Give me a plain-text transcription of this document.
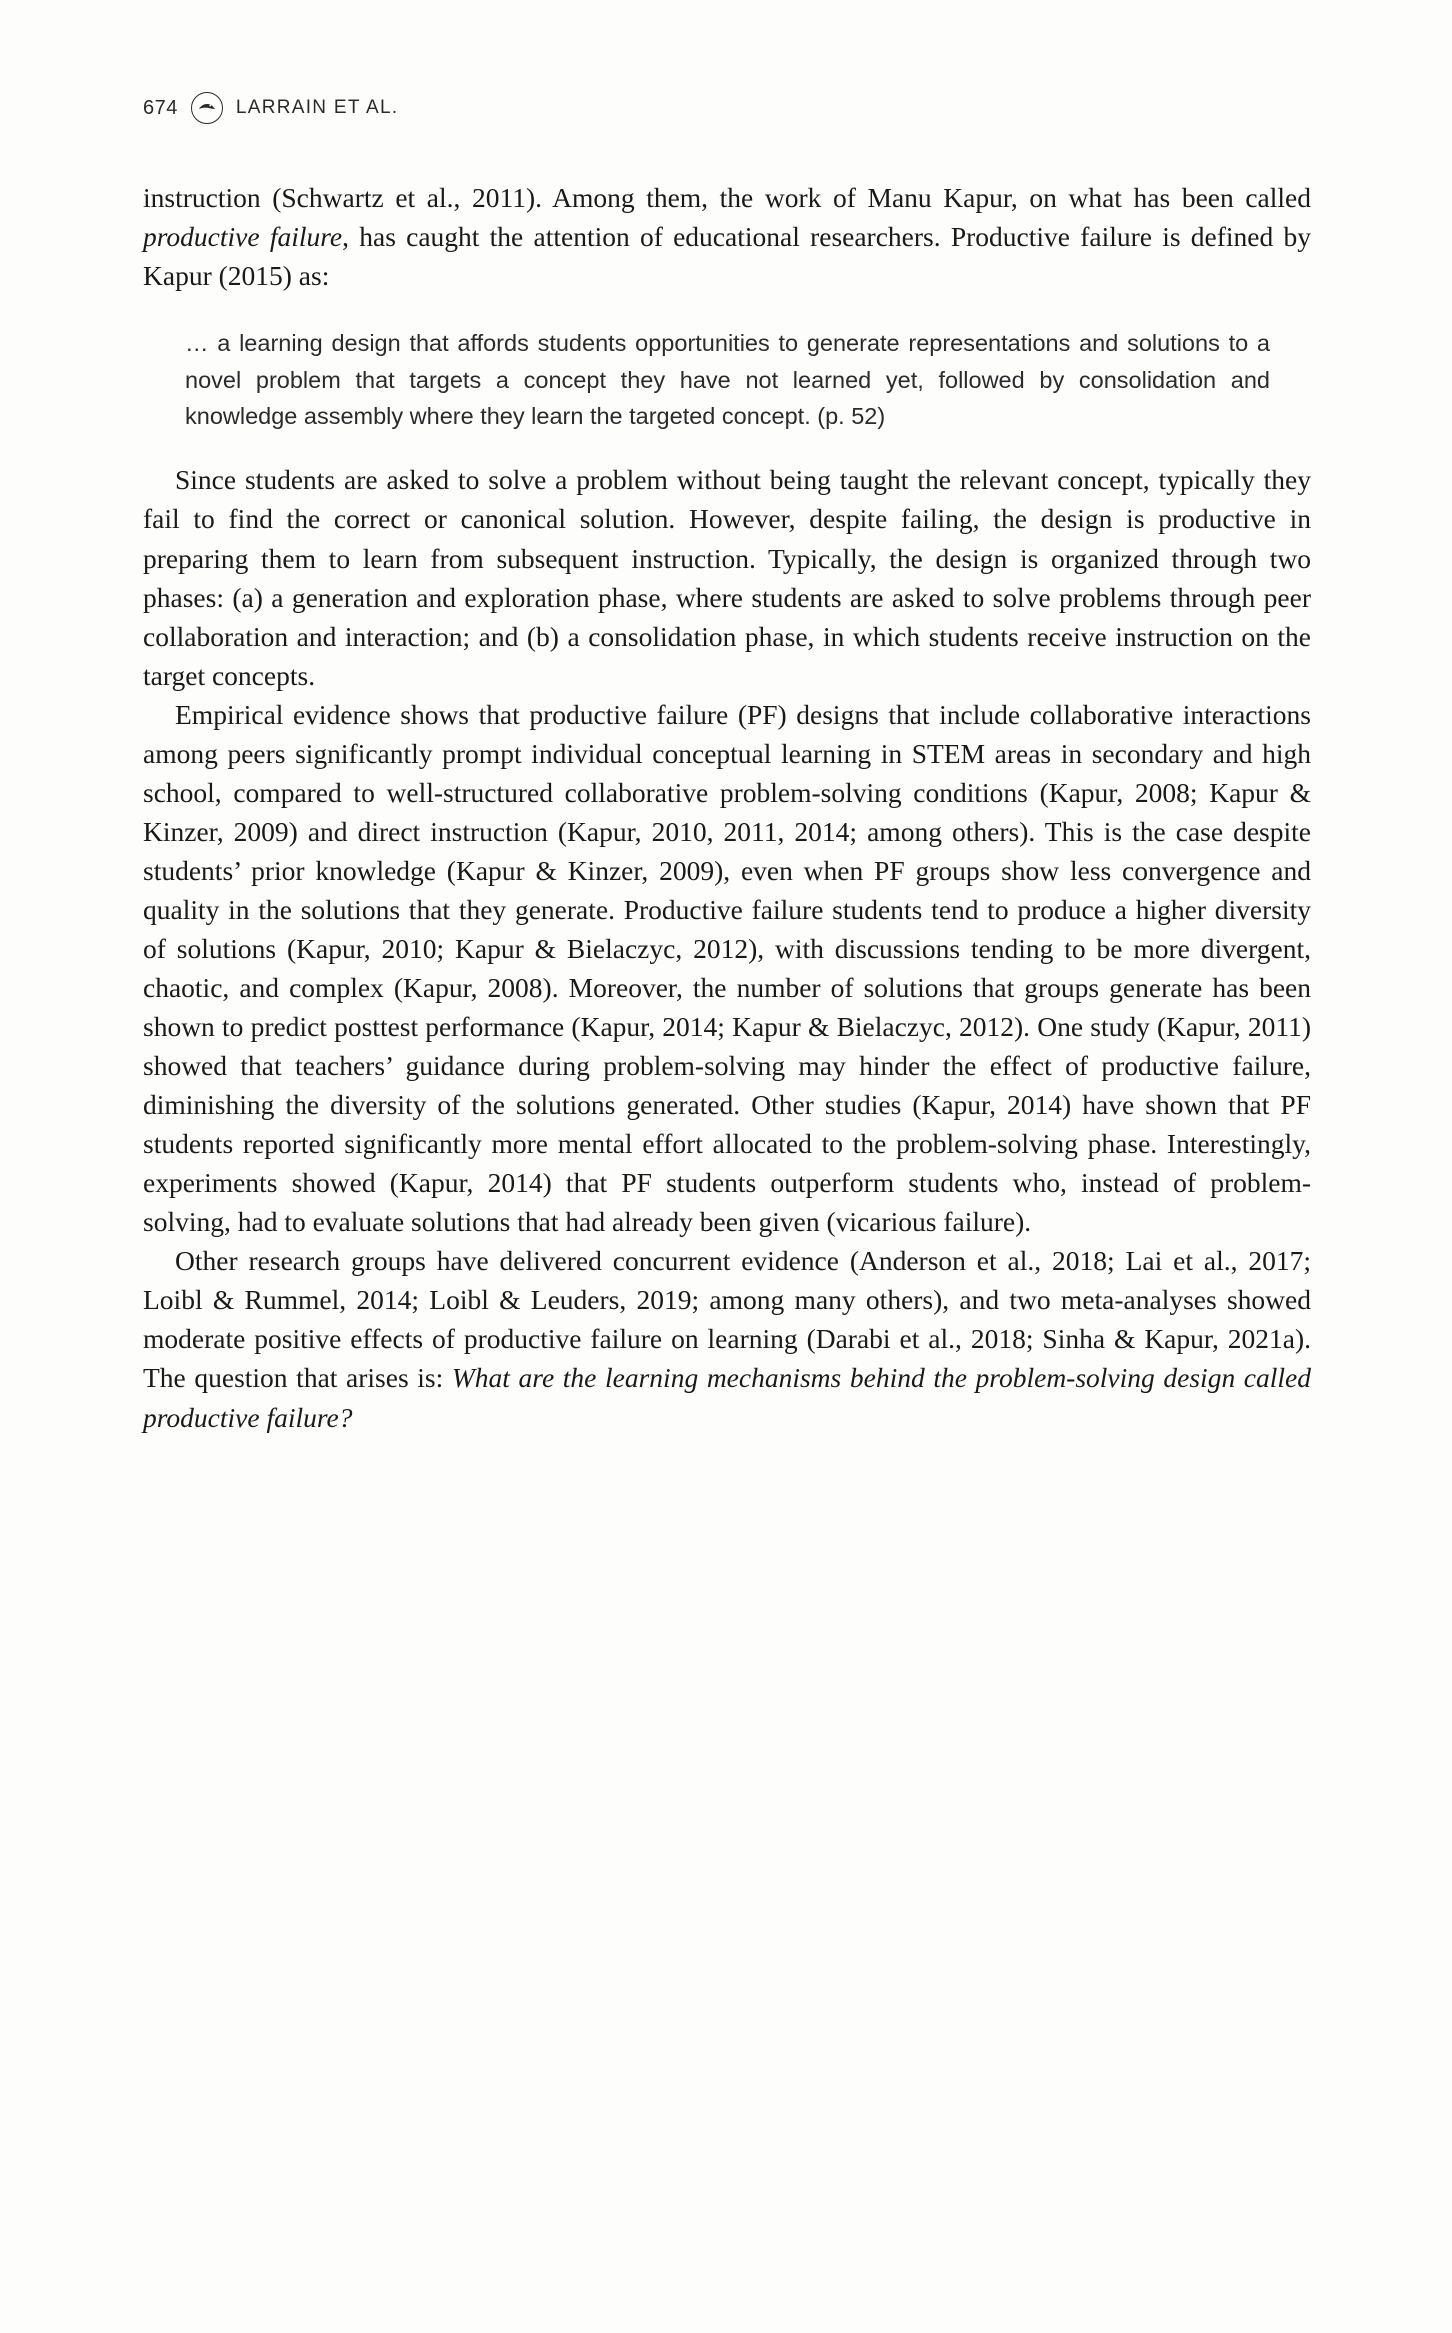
674	LARRAIN ET AL.

instruction (Schwartz et al., 2011). Among them, the work of Manu Kapur, on what has been called productive failure, has caught the attention of educational researchers. Productive failure is defined by Kapur (2015) as:

… a learning design that affords students opportunities to generate representations and solutions to a novel problem that targets a concept they have not learned yet, followed by consolidation and knowledge assembly where they learn the targeted concept. (p. 52)

Since students are asked to solve a problem without being taught the relevant concept, typically they fail to find the correct or canonical solution. However, despite failing, the design is productive in preparing them to learn from subsequent instruction. Typically, the design is organized through two phases: (a) a generation and exploration phase, where students are asked to solve problems through peer collaboration and interaction; and (b) a consolidation phase, in which students receive instruction on the target concepts.

Empirical evidence shows that productive failure (PF) designs that include collaborative interactions among peers significantly prompt individual conceptual learning in STEM areas in secondary and high school, compared to well-structured collaborative problem-solving conditions (Kapur, 2008; Kapur & Kinzer, 2009) and direct instruction (Kapur, 2010, 2011, 2014; among others). This is the case despite students’ prior knowledge (Kapur & Kinzer, 2009), even when PF groups show less convergence and quality in the solutions that they generate. Productive failure students tend to produce a higher diversity of solutions (Kapur, 2010; Kapur & Bielaczyc, 2012), with discussions tending to be more divergent, chaotic, and complex (Kapur, 2008). Moreover, the number of solutions that groups generate has been shown to predict posttest performance (Kapur, 2014; Kapur & Bielaczyc, 2012). One study (Kapur, 2011) showed that teachers’ guidance during problem-solving may hinder the effect of productive failure, diminishing the diversity of the solutions generated. Other studies (Kapur, 2014) have shown that PF students reported significantly more mental effort allocated to the problem-solving phase. Interestingly, experiments showed (Kapur, 2014) that PF students outperform students who, instead of problem-solving, had to evaluate solutions that had already been given (vicarious failure).

Other research groups have delivered concurrent evidence (Anderson et al., 2018; Lai et al., 2017; Loibl & Rummel, 2014; Loibl & Leuders, 2019; among many others), and two meta-analyses showed moderate positive effects of productive failure on learning (Darabi et al., 2018; Sinha & Kapur, 2021a). The question that arises is: What are the learning mechanisms behind the problem-solving design called productive failure?
